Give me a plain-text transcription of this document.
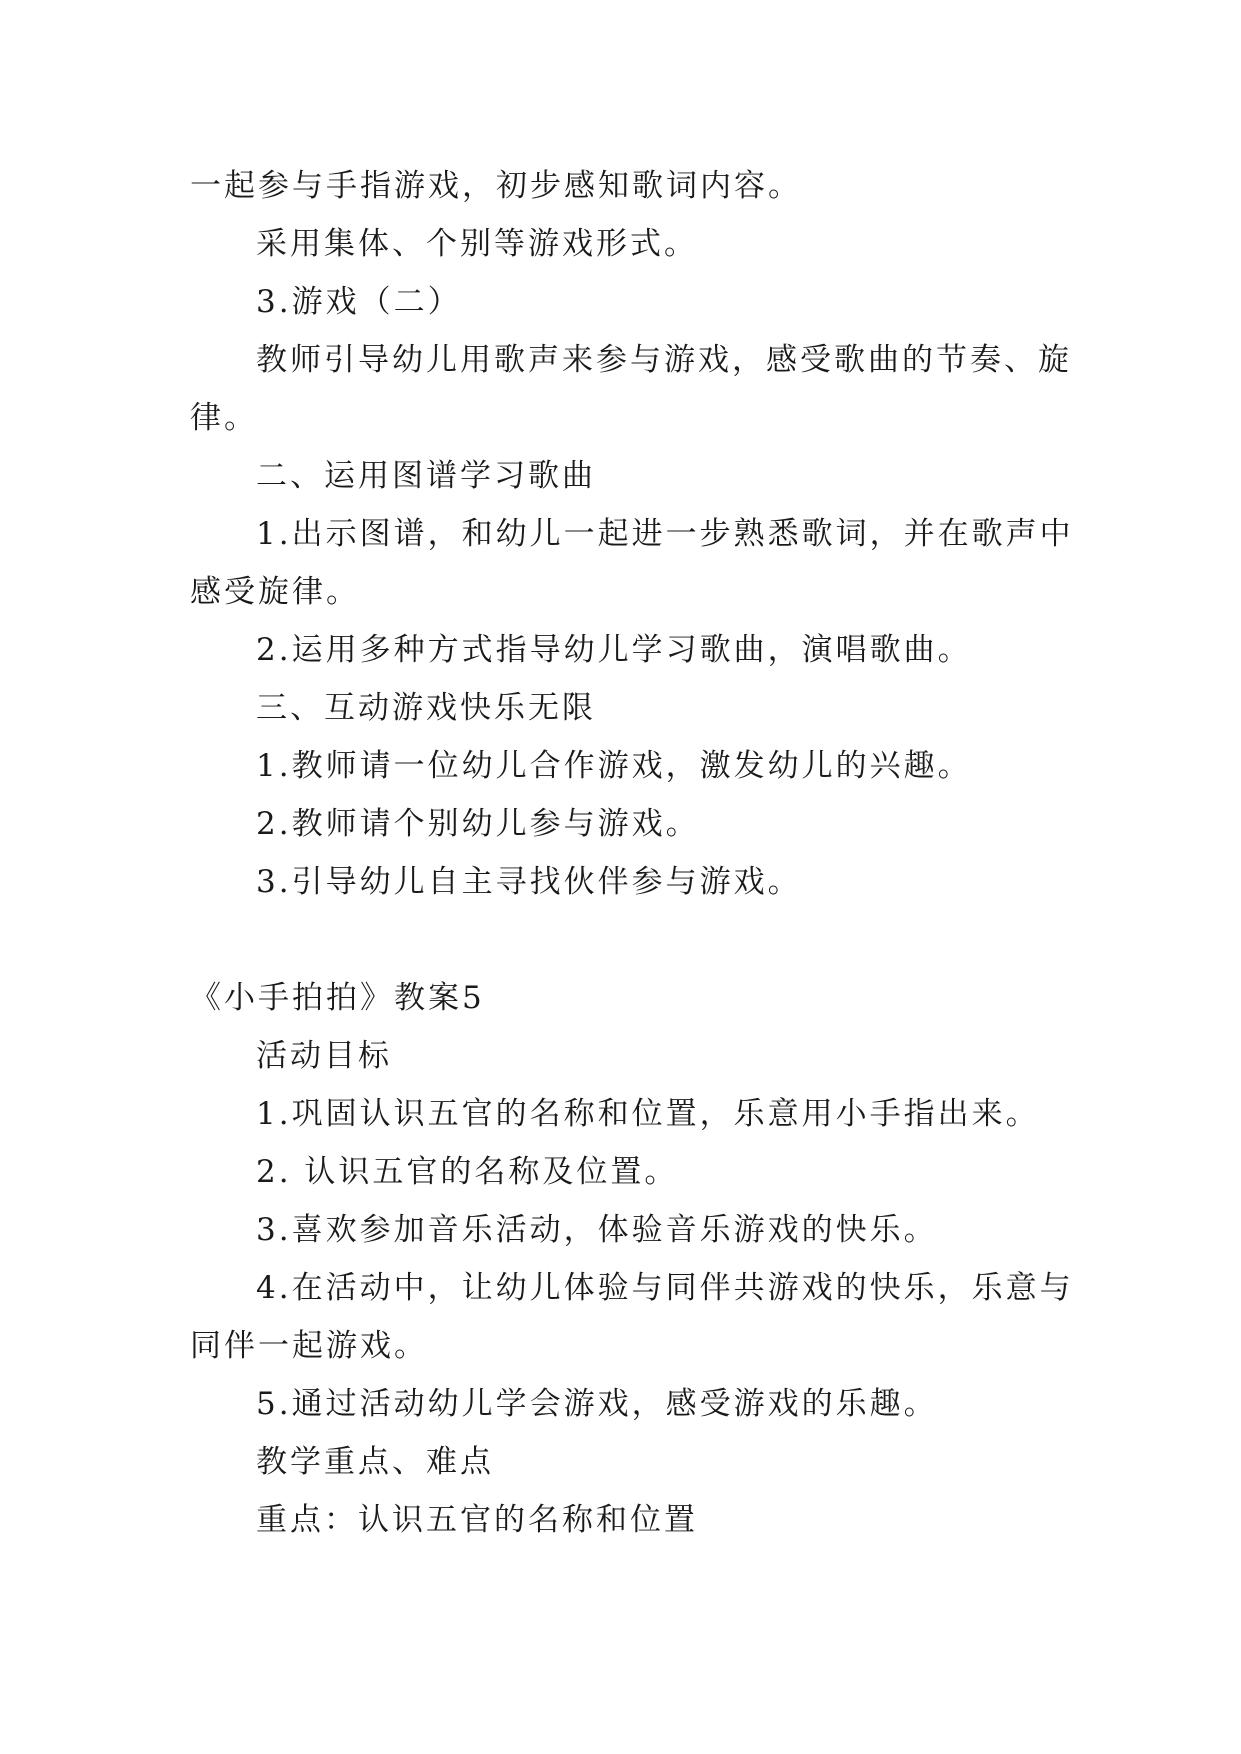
一起参与手指游戏，初步感知歌词内容。
采用集体、个别等游戏形式。
3.游戏（二）
教师引导幼儿用歌声来参与游戏，感受歌曲的节奏、旋
律。
二、运用图谱学习歌曲
1.出示图谱，和幼儿一起进一步熟悉歌词，并在歌声中
感受旋律。
2.运用多种方式指导幼儿学习歌曲，演唱歌曲。
三、互动游戏快乐无限
1.教师请一位幼儿合作游戏，激发幼儿的兴趣。
2.教师请个别幼儿参与游戏。
3.引导幼儿自主寻找伙伴参与游戏。
《小手拍拍》教案5
活动目标
1.巩固认识五官的名称和位置，乐意用小手指出来。
2. 认识五官的名称及位置。
3.喜欢参加音乐活动，体验音乐游戏的快乐。
4.在活动中，让幼儿体验与同伴共游戏的快乐，乐意与
同伴一起游戏。
5.通过活动幼儿学会游戏，感受游戏的乐趣。
教学重点、难点
重点：认识五官的名称和位置
